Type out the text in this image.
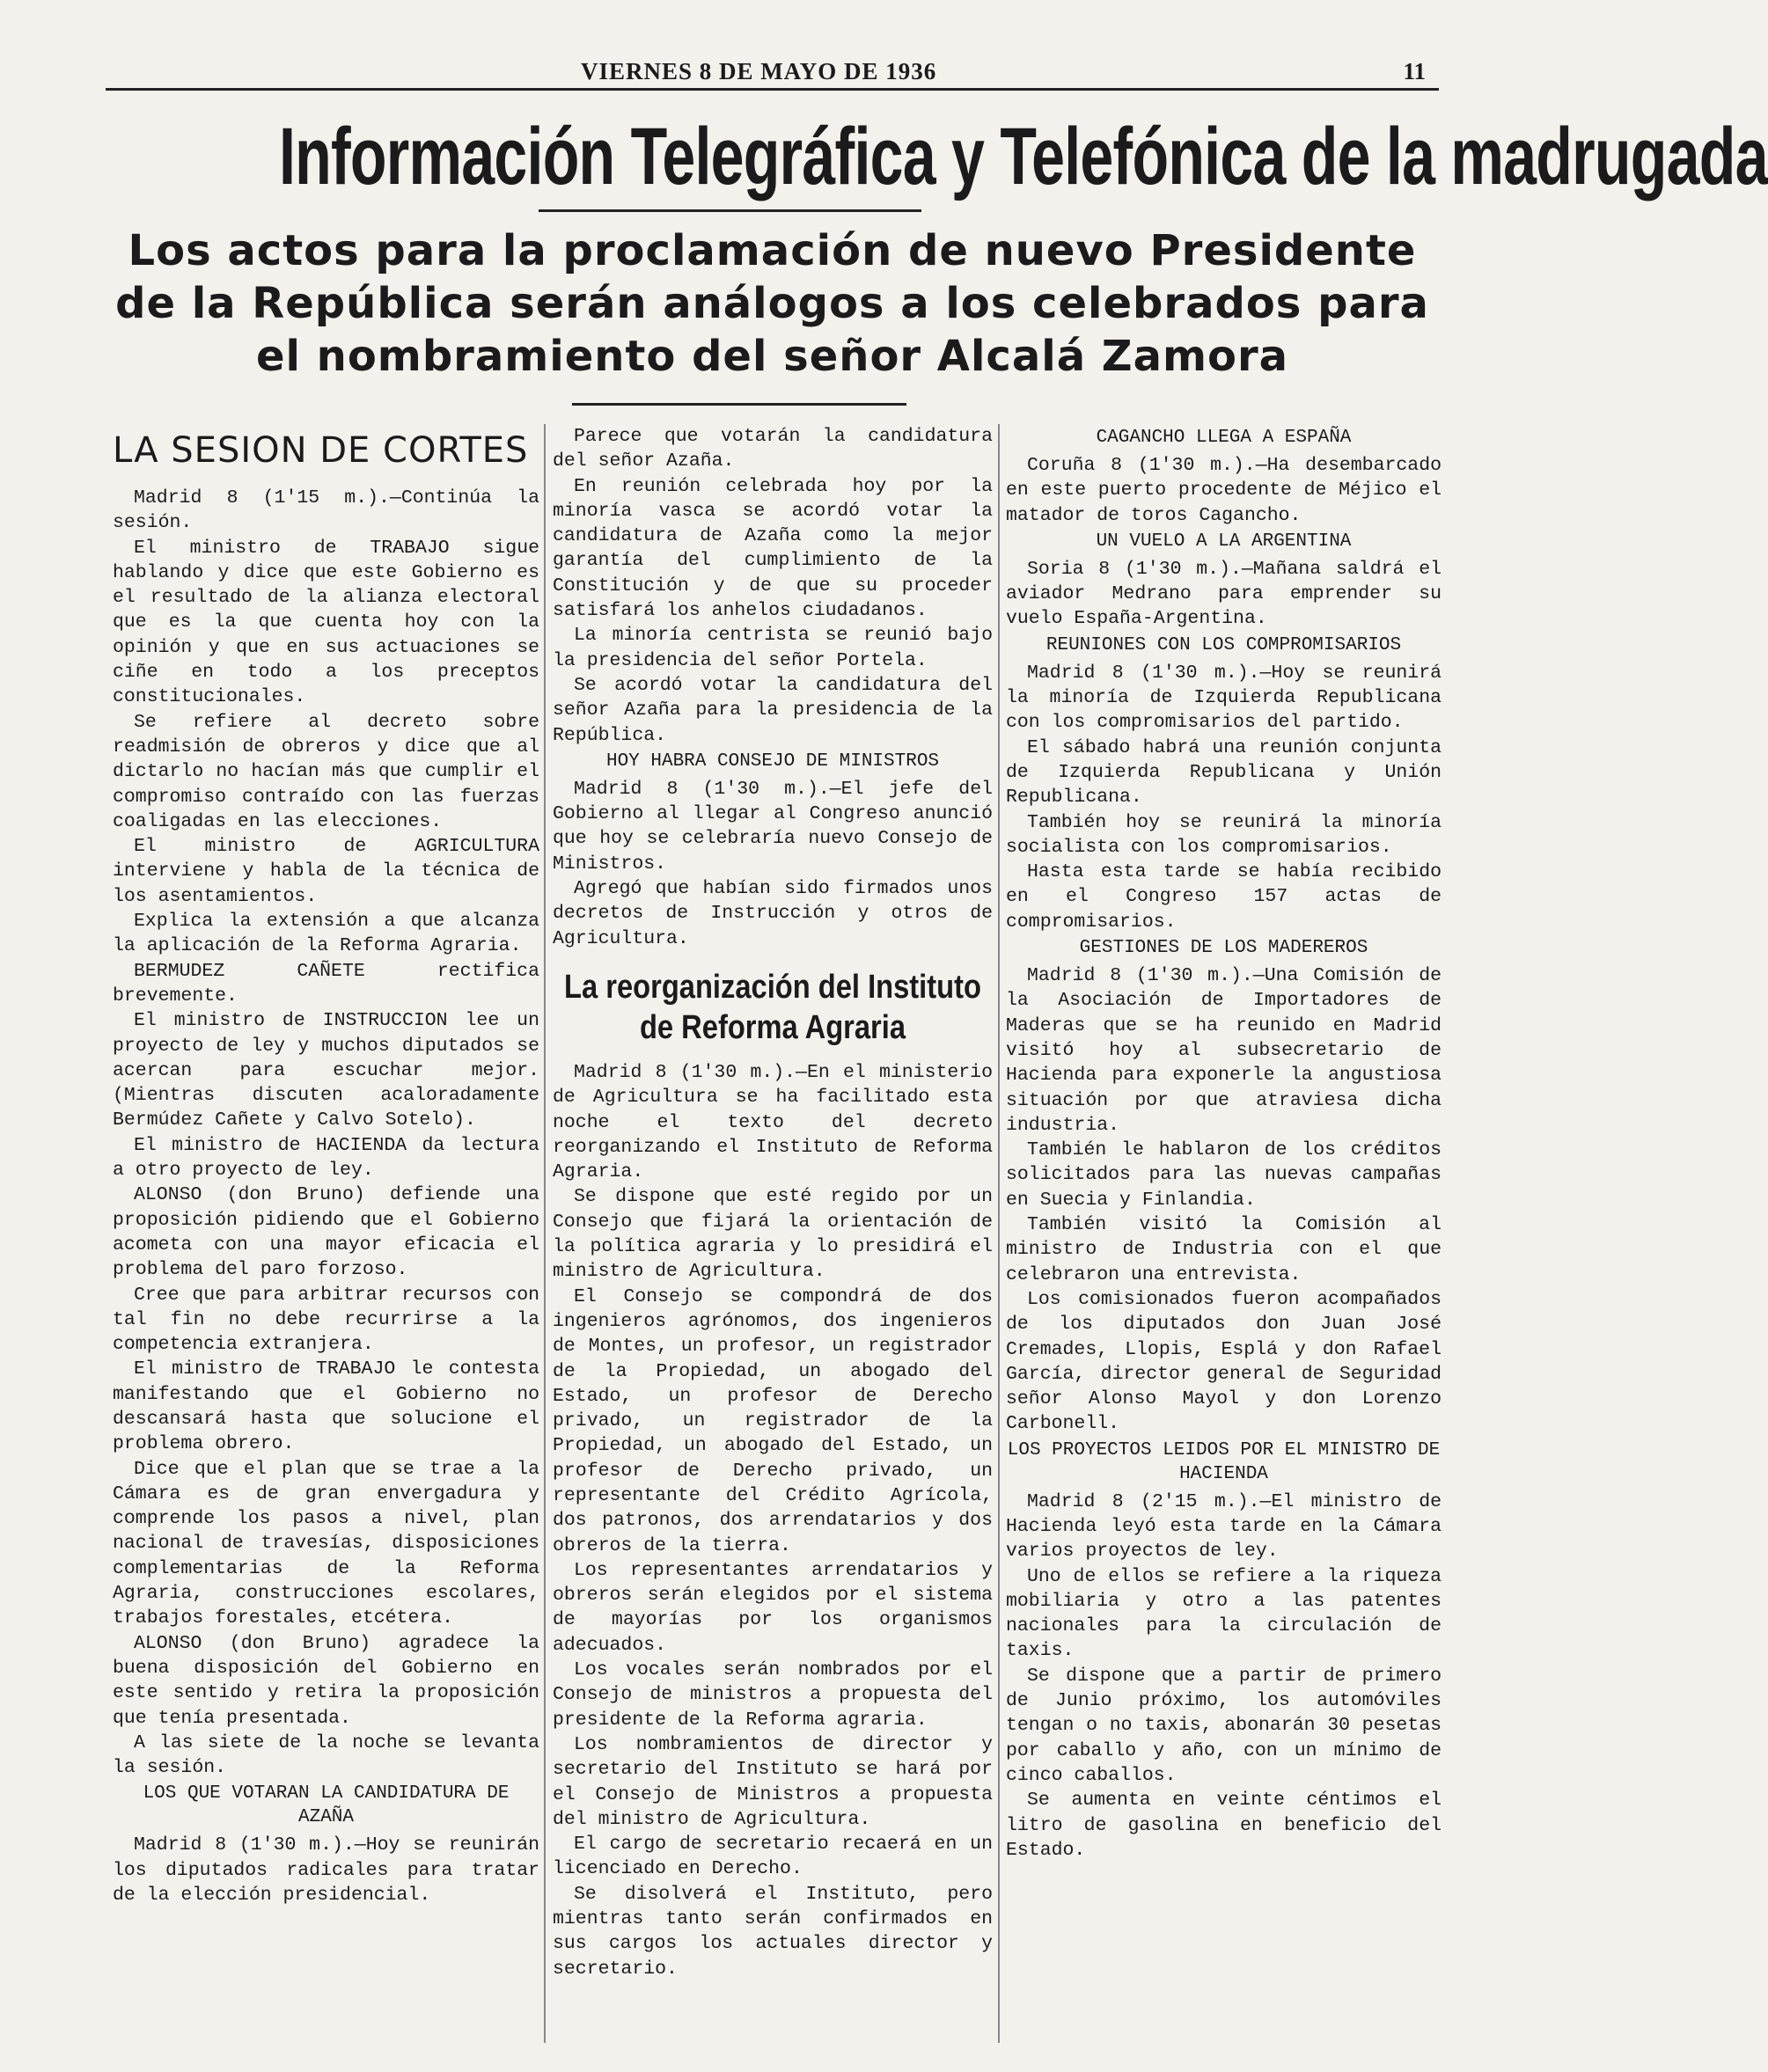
VIERNES 8 DE MAYO DE 1936	11
Información Telegráfica y Telefónica de la madrugada
Los actos para la proclamación de nuevo Presidente de la República serán análogos a los celebrados para el nombramiento del señor Alcalá Zamora

LA SESION DE CORTES

Madrid 8 (1'15 m.).—Continúa la sesión.

El ministro de TRABAJO sigue hablando y dice que este Gobierno es el resultado de la alianza electoral que es la que cuenta hoy con la opinión y que en sus actuaciones se ciñe en todo a los preceptos constitucionales.

Se refiere al decreto sobre readmisión de obreros y dice que al dictarlo no hacían más que cumplir el compromiso contraído con las fuerzas coaligadas en las elecciones.

El ministro de AGRICULTURA interviene y habla de la técnica de los asentamientos.

Explica la extensión a que alcanza la aplicación de la Reforma Agraria.

BERMUDEZ CAÑETE rectifica brevemente.

El ministro de INSTRUCCION lee un proyecto de ley y muchos diputados se acercan para escuchar mejor. (Mientras discuten acaloradamente Bermúdez Cañete y Calvo Sotelo).

El ministro de HACIENDA da lectura a otro proyecto de ley.

ALONSO (don Bruno) defiende una proposición pidiendo que el Gobierno acometa con una mayor eficacia el problema del paro forzoso.

Cree que para arbitrar recursos con tal fin no debe recurrirse a la competencia extranjera.

El ministro de TRABAJO le contesta manifestando que el Gobierno no descansará hasta que solucione el problema obrero.

Dice que el plan que se trae a la Cámara es de gran envergadura y comprende los pasos a nivel, plan nacional de travesías, disposiciones complementarias de la Reforma Agraria, construcciones escolares, trabajos forestales, etcétera.

ALONSO (don Bruno) agradece la buena disposición del Gobierno en este sentido y retira la proposición que tenía presentada.

A las siete de la noche se levanta la sesión.

LOS QUE VOTARAN LA CANDIDATURA DE AZAÑA

Madrid 8 (1'30 m.).—Hoy se reunirán los diputados radicales para tratar de la elección presidencial.

Parece que votarán la candidatura del señor Azaña.

En reunión celebrada hoy por la minoría vasca se acordó votar la candidatura de Azaña como la mejor garantía del cumplimiento de la Constitución y de que su proceder satisfará los anhelos ciudadanos.

La minoría centrista se reunió bajo la presidencia del señor Portela.

Se acordó votar la candidatura del señor Azaña para la presidencia de la República.

HOY HABRA CONSEJO DE MINISTROS

Madrid 8 (1'30 m.).—El jefe del Gobierno al llegar al Congreso anunció que hoy se celebraría nuevo Consejo de Ministros.

Agregó que habían sido firmados unos decretos de Instrucción y otros de Agricultura.

La reorganización del Instituto de Reforma Agraria

Madrid 8 (1'30 m.).—En el ministerio de Agricultura se ha facilitado esta noche el texto del decreto reorganizando el Instituto de Reforma Agraria.

Se dispone que esté regido por un Consejo que fijará la orientación de la política agraria y lo presidirá el ministro de Agricultura.

El Consejo se compondrá de dos ingenieros agrónomos, dos ingenieros de Montes, un profesor, un registrador de la Propiedad, un abogado del Estado, un profesor de Derecho privado, un registrador de la Propiedad, un abogado del Estado, un profesor de Derecho privado, un representante del Crédito Agrícola, dos patronos, dos arrendatarios y dos obreros de la tierra.

Los representantes arrendatarios y obreros serán elegidos por el sistema de mayorías por los organismos adecuados.

Los vocales serán nombrados por el Consejo de ministros a propuesta del presidente de la Reforma agraria.

Los nombramientos de director y secretario del Instituto se hará por el Consejo de Ministros a propuesta del ministro de Agricultura.

El cargo de secretario recaerá en un licenciado en Derecho.

Se disolverá el Instituto, pero mientras tanto serán confirmados en sus cargos los actuales director y secretario.

CAGANCHO LLEGA A ESPAÑA

Coruña 8 (1'30 m.).—Ha desembarcado en este puerto procedente de Méjico el matador de toros Cagancho.

UN VUELO A LA ARGENTINA

Soria 8 (1'30 m.).—Mañana saldrá el aviador Medrano para emprender su vuelo España-Argentina.

REUNIONES CON LOS COMPROMISARIOS

Madrid 8 (1'30 m.).—Hoy se reunirá la minoría de Izquierda Republicana con los compromisarios del partido.

El sábado habrá una reunión conjunta de Izquierda Republicana y Unión Republicana.

También hoy se reunirá la minoría socialista con los compromisarios.

Hasta esta tarde se había recibido en el Congreso 157 actas de compromisarios.

GESTIONES DE LOS MADEREROS

Madrid 8 (1'30 m.).—Una Comisión de la Asociación de Importadores de Maderas que se ha reunido en Madrid visitó hoy al subsecretario de Hacienda para exponerle la angustiosa situación por que atraviesa dicha industria.

También le hablaron de los créditos solicitados para las nuevas campañas en Suecia y Finlandia.

También visitó la Comisión al ministro de Industria con el que celebraron una entrevista.

Los comisionados fueron acompañados de los diputados don Juan José Cremades, Llopis, Esplá y don Rafael García, director general de Seguridad señor Alonso Mayol y don Lorenzo Carbonell.

LOS PROYECTOS LEIDOS POR EL MINISTRO DE HACIENDA

Madrid 8 (2'15 m.).—El ministro de Hacienda leyó esta tarde en la Cámara varios proyectos de ley.

Uno de ellos se refiere a la riqueza mobiliaria y otro a las patentes nacionales para la circulación de taxis.

Se dispone que a partir de primero de Junio próximo, los automóviles tengan o no taxis, abonarán 30 pesetas por caballo y año, con un mínimo de cinco caballos.

Se aumenta en veinte céntimos el litro de gasolina en beneficio del Estado.
